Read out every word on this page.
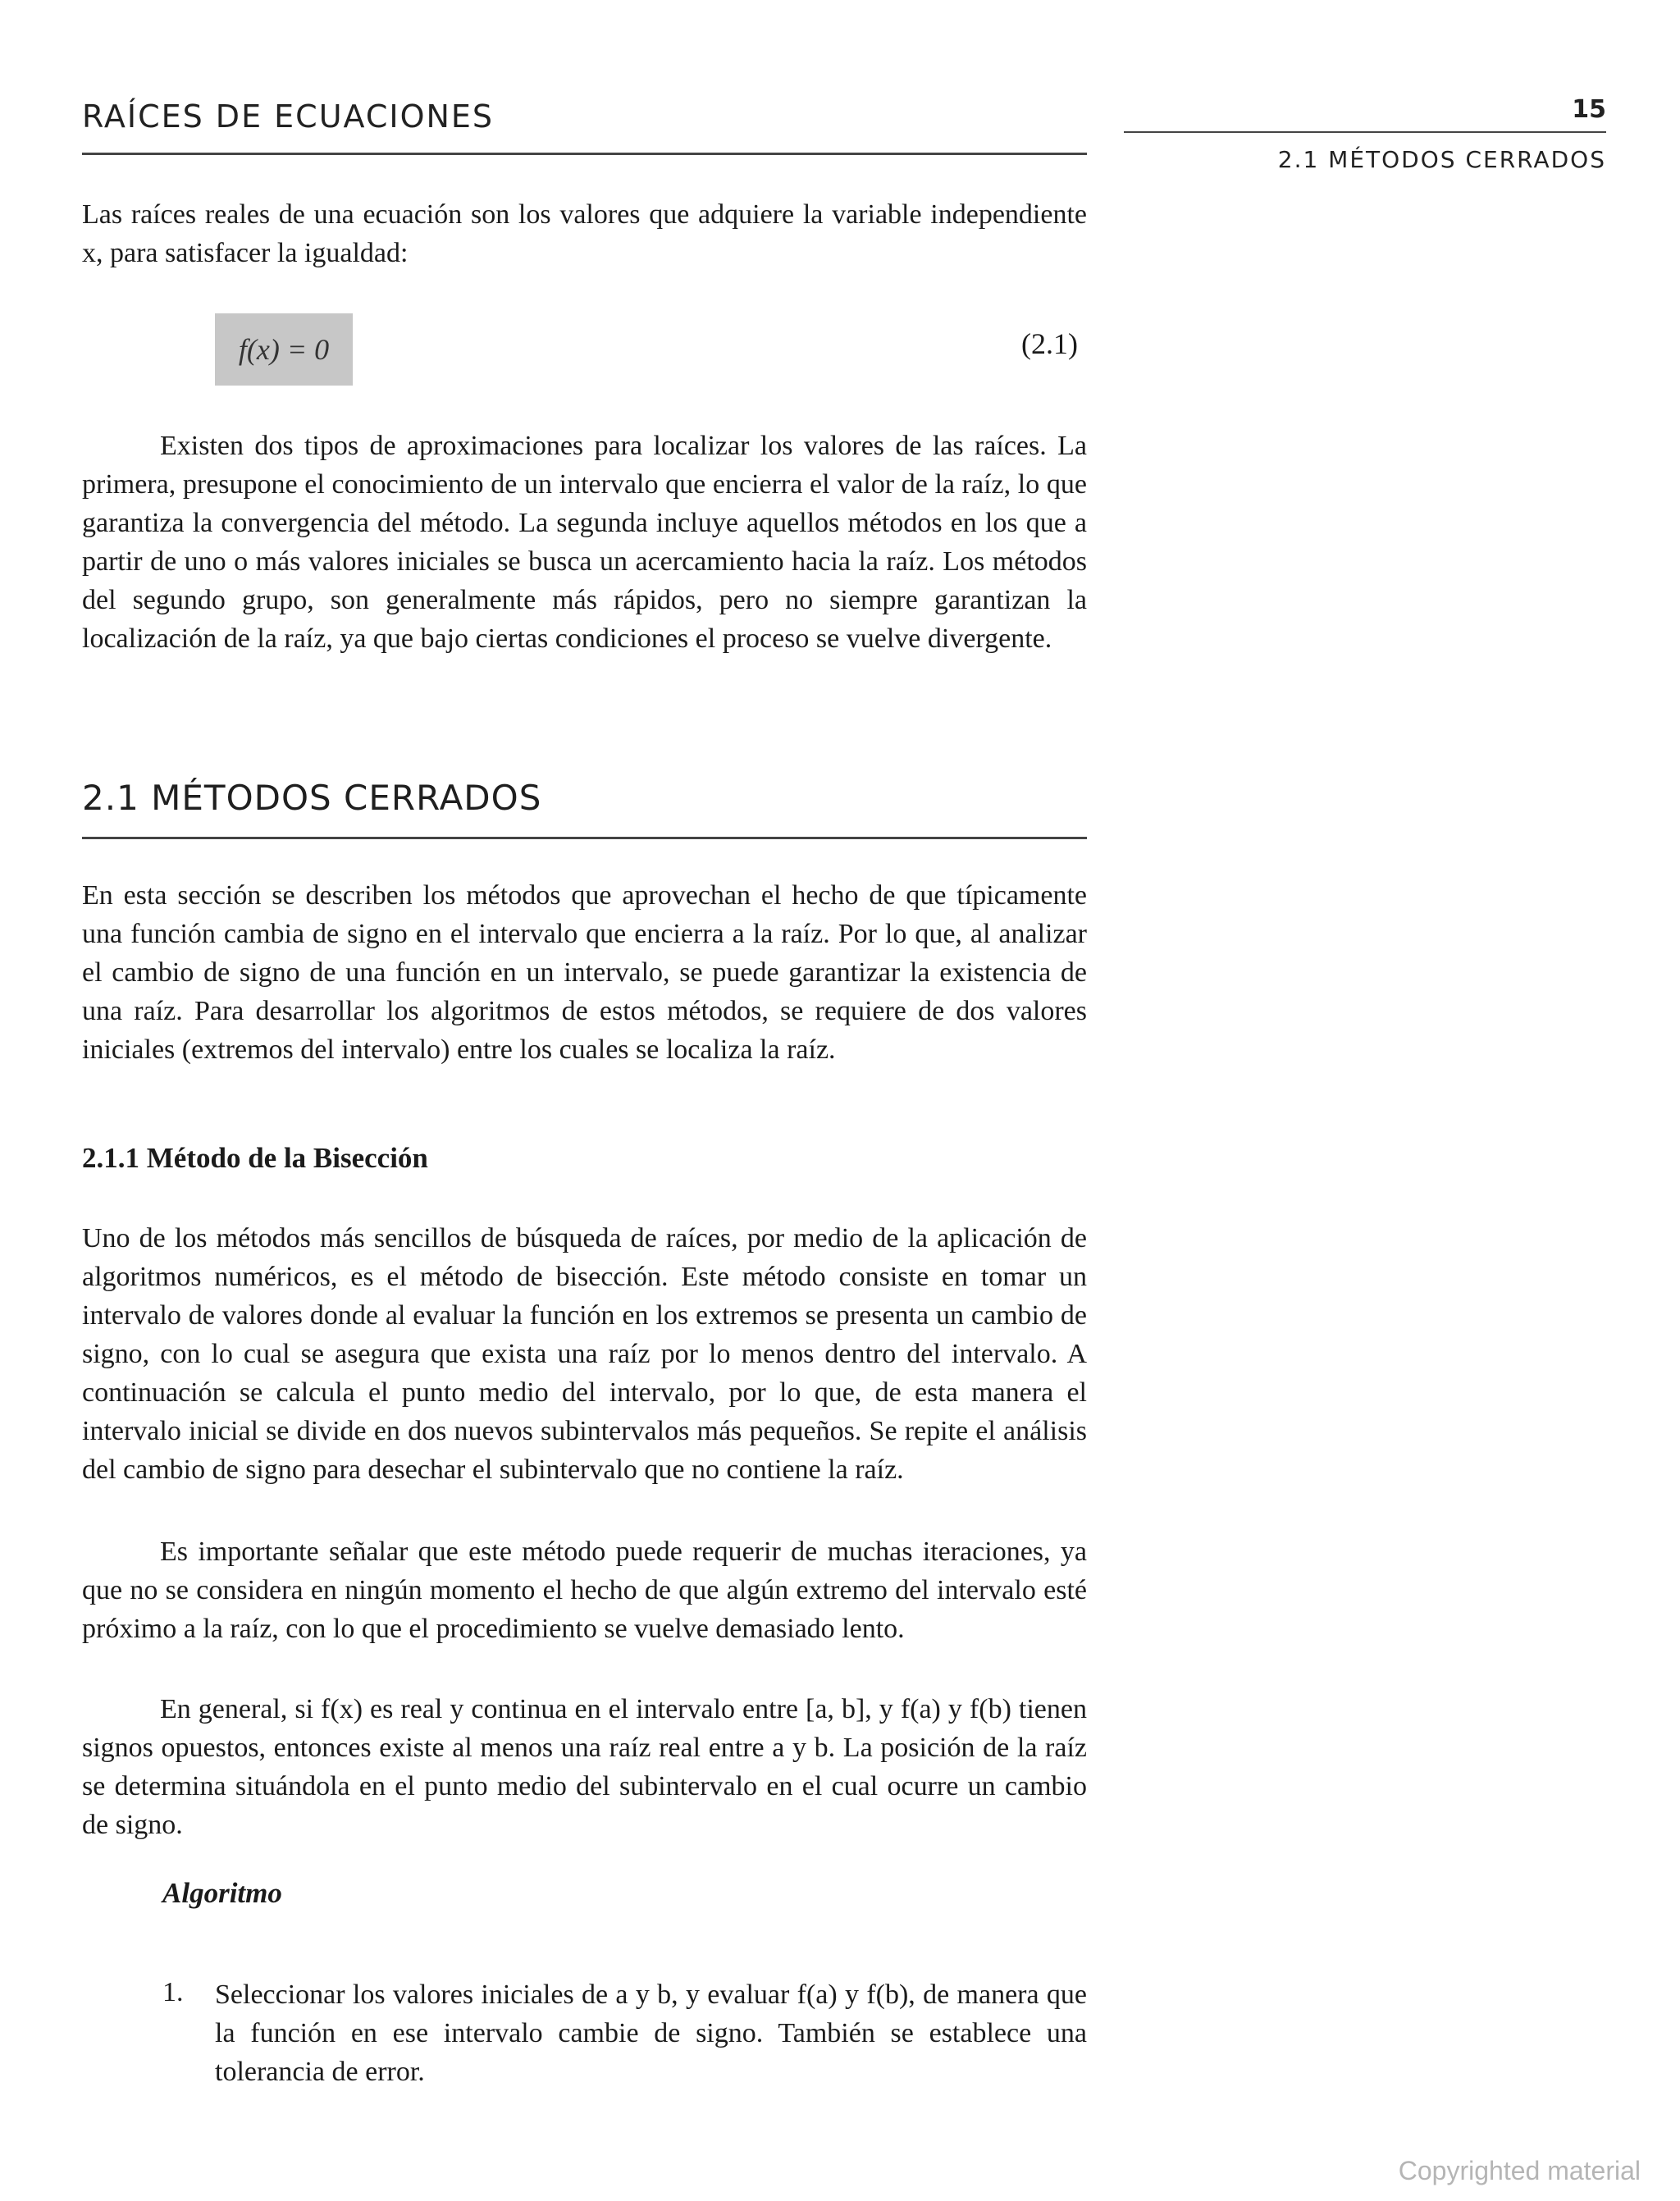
RAÍCES DE ECUACIONES	15
2.1 MÉTODOS CERRADOS

Las raíces reales de una ecuación son los valores que adquiere la variable independiente x, para satisfacer la igualdad:

f(x) = 0	(2.1)

Existen dos tipos de aproximaciones para localizar los valores de las raíces. La primera, presupone el conocimiento de un intervalo que encierra el valor de la raíz, lo que garantiza la convergencia del método. La segunda incluye aquellos métodos en los que a partir de uno o más valores iniciales se busca un acercamiento hacia la raíz. Los métodos del segundo grupo, son generalmente más rápidos, pero no siempre garantizan la localización de la raíz, ya que bajo ciertas condiciones el proceso se vuelve divergente.

2.1 MÉTODOS CERRADOS

En esta sección se describen los métodos que aprovechan el hecho de que típicamente una función cambia de signo en el intervalo que encierra a la raíz. Por lo que, al analizar el cambio de signo de una función en un intervalo, se puede garantizar la existencia de una raíz. Para desarrollar los algoritmos de estos métodos, se requiere de dos valores iniciales (extremos del intervalo) entre los cuales se localiza la raíz.

2.1.1 Método de la Bisección

Uno de los métodos más sencillos de búsqueda de raíces, por medio de la aplicación de algoritmos numéricos, es el método de bisección. Este método consiste en tomar un intervalo de valores donde al evaluar la función en los extremos se presenta un cambio de signo, con lo cual se asegura que exista una raíz por lo menos dentro del intervalo. A continuación se calcula el punto medio del intervalo, por lo que, de esta manera el intervalo inicial se divide en dos nuevos subintervalos más pequeños. Se repite el análisis del cambio de signo para desechar el subintervalo que no contiene la raíz.

Es importante señalar que este método puede requerir de muchas iteraciones, ya que no se considera en ningún momento el hecho de que algún extremo del intervalo esté próximo a la raíz, con lo que el procedimiento se vuelve demasiado lento.

En general, si f(x) es real y continua en el intervalo entre [a, b], y f(a) y f(b) tienen signos opuestos, entonces existe al menos una raíz real entre a y b. La posición de la raíz se determina situándola en el punto medio del subintervalo en el cual ocurre un cambio de signo.

Algoritmo
1. Seleccionar los valores iniciales de a y b, y evaluar f(a) y f(b), de manera que la función en ese intervalo cambie de signo. También se establece una tolerancia de error.

Copyrighted material
